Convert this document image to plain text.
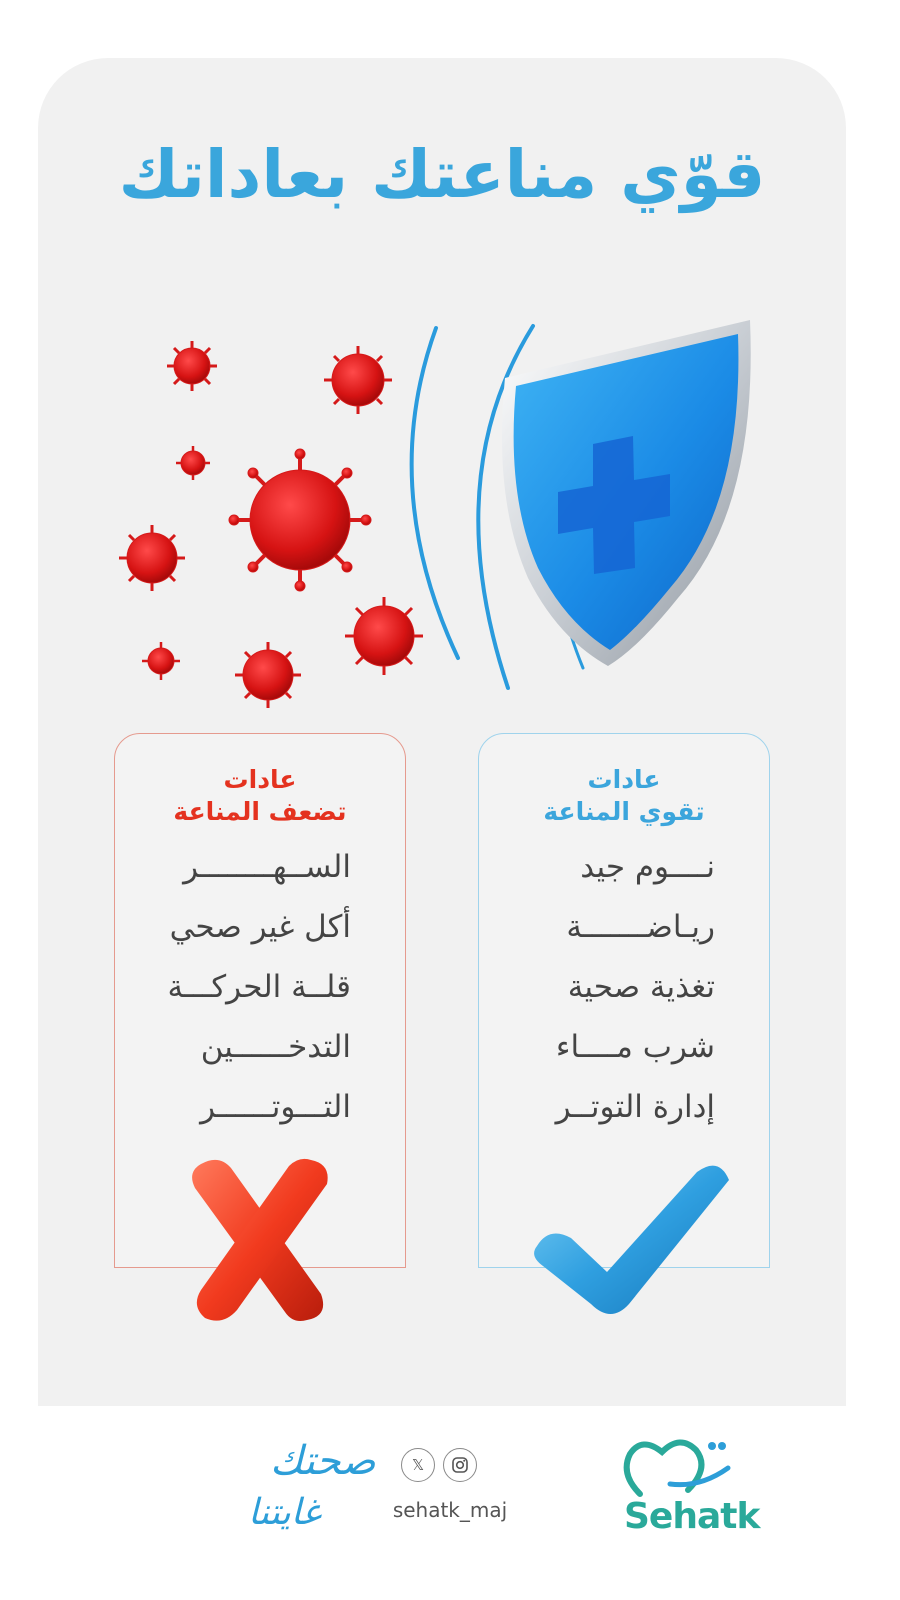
قوّي مناعتك بعاداتك
عادات
تقوي المناعة
نــــوم جيد
ريـاضـــــــة
تغذية صحية
شرب مــــاء
إدارة التوتــر
عادات
تضعف المناعة
الســهــــــــر
أكل غير صحي
قلــة الحركـــة
التدخــــــين
التـــوتــــــر
صحتك
غايتنا
𝕏
sehatk_maj	Sehatk
